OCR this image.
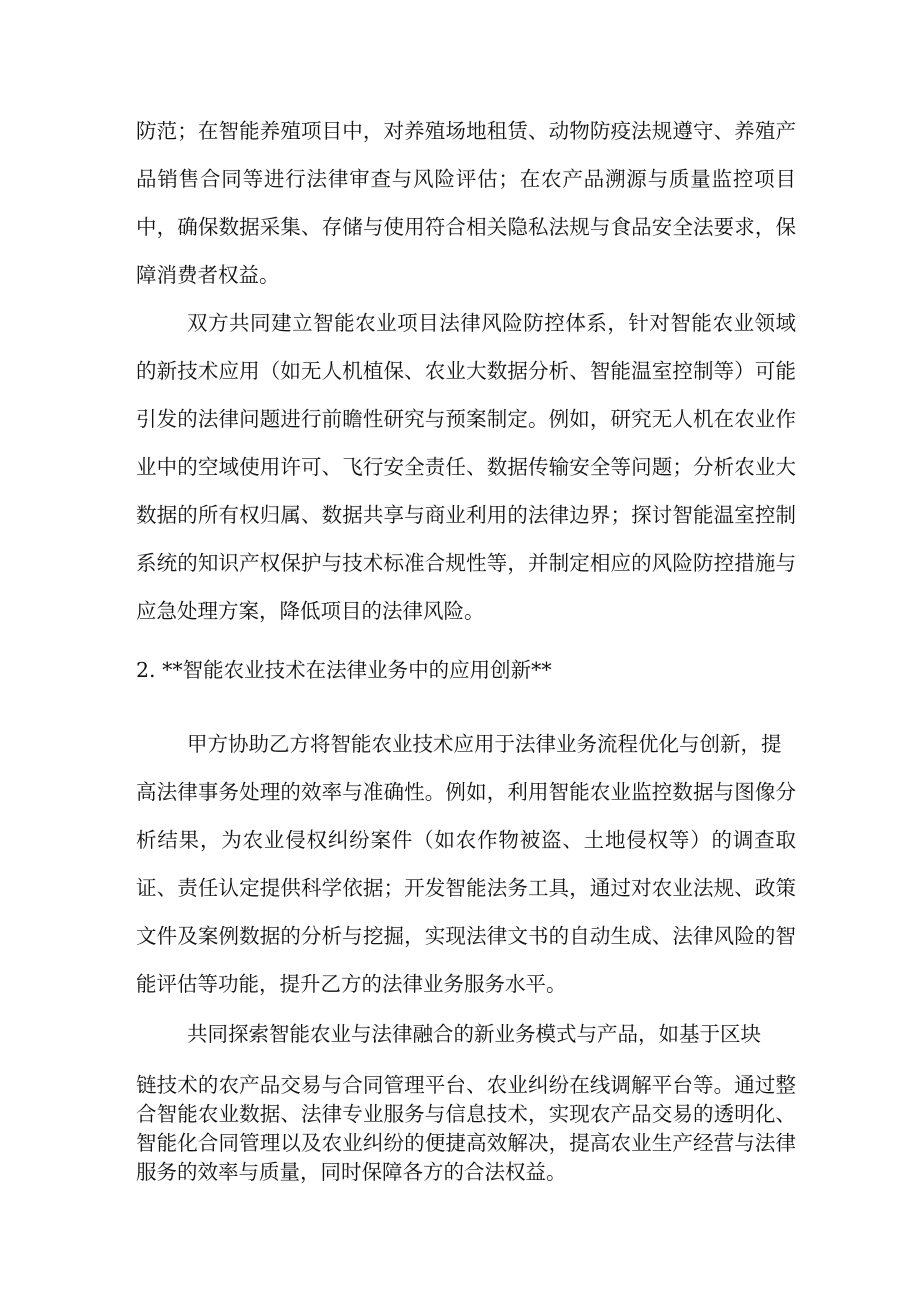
防范；在智能养殖项目中，对养殖场地租赁、动物防疫法规遵守、养殖产
品销售合同等进行法律审查与风险评估；在农产品溯源与质量监控项目
中，确保数据采集、存储与使用符合相关隐私法规与食品安全法要求，保
障消费者权益。
双方共同建立智能农业项目法律风险防控体系，针对智能农业领域
的新技术应用（如无人机植保、农业大数据分析、智能温室控制等）可能
引发的法律问题进行前瞻性研究与预案制定。例如，研究无人机在农业作
业中的空域使用许可、飞行安全责任、数据传输安全等问题；分析农业大
数据的所有权归属、数据共享与商业利用的法律边界；探讨智能温室控制
系统的知识产权保护与技术标准合规性等，并制定相应的风险防控措施与
应急处理方案，降低项目的法律风险。
2. **智能农业技术在法律业务中的应用创新**
甲方协助乙方将智能农业技术应用于法律业务流程优化与创新，提
高法律事务处理的效率与准确性。例如，利用智能农业监控数据与图像分
析结果，为农业侵权纠纷案件（如农作物被盗、土地侵权等）的调查取
证、责任认定提供科学依据；开发智能法务工具，通过对农业法规、政策
文件及案例数据的分析与挖掘，实现法律文书的自动生成、法律风险的智
能评估等功能，提升乙方的法律业务服务水平。
共同探索智能农业与法律融合的新业务模式与产品，如基于区块
链技术的农产品交易与合同管理平台、农业纠纷在线调解平台等。通过整
合智能农业数据、法律专业服务与信息技术，实现农产品交易的透明化、
智能化合同管理以及农业纠纷的便捷高效解决，提高农业生产经营与法律
服务的效率与质量，同时保障各方的合法权益。
